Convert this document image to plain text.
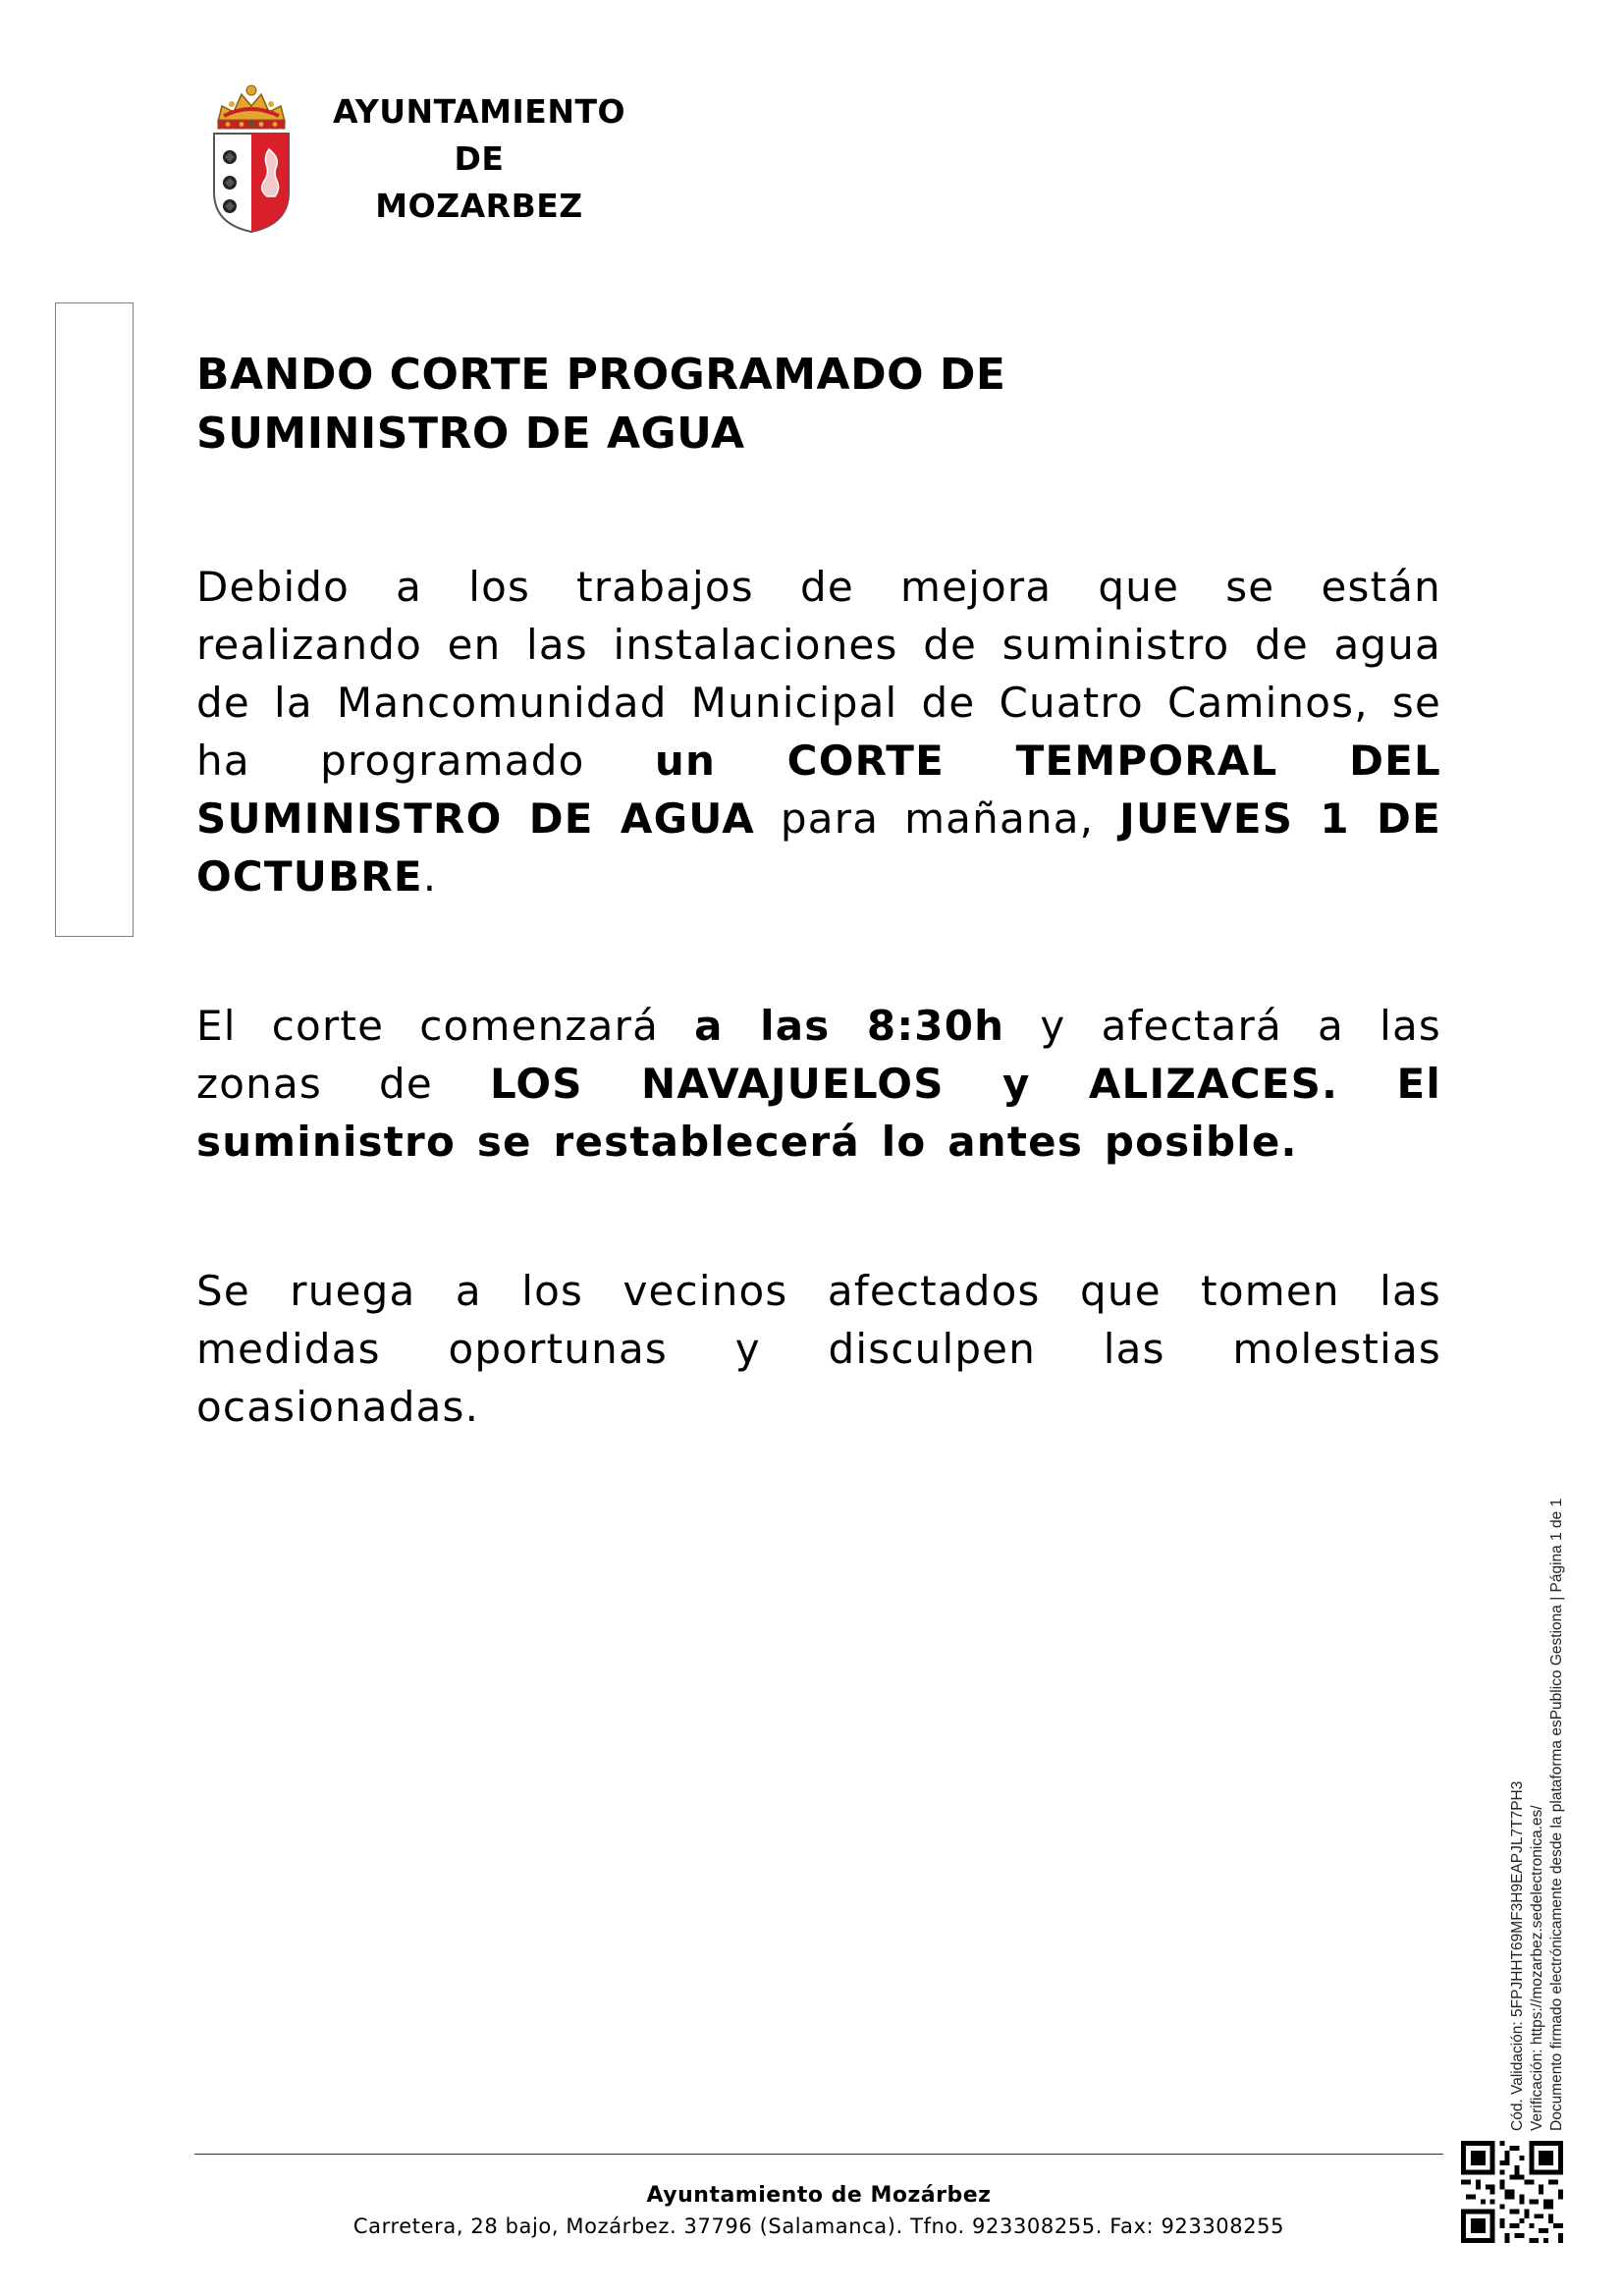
AYUNTAMIENTO
DE
MOZARBEZ
BANDO CORTE PROGRAMADO DE
SUMINISTRO DE AGUA

Debido a los trabajos de mejora que se están realizando en las instalaciones de suministro de agua de la Mancomunidad Municipal de Cuatro Caminos, se ha programado un CORTE TEMPORAL DEL SUMINISTRO DE AGUA para mañana, JUEVES 1 DE OCTUBRE.

El corte comenzará a las 8:30h y afectará a las zonas de LOS NAVAJUELOS y ALIZACES. El suministro se restablecerá lo antes posible.

Se ruega a los vecinos afectados que tomen las medidas oportunas y disculpen las molestias ocasionadas.

Cód. Validación: 5FPJHHT69MF3H9EAPJL7T7PH3 Verificación: https://mozarbez.sedelectronica.es/ Documento firmado electrónicamente desde la plataforma esPublico Gestiona | Página 1 de 1
Ayuntamiento de Mozárbez
Carretera, 28 bajo, Mozárbez. 37796 (Salamanca). Tfno. 923308255. Fax: 923308255
